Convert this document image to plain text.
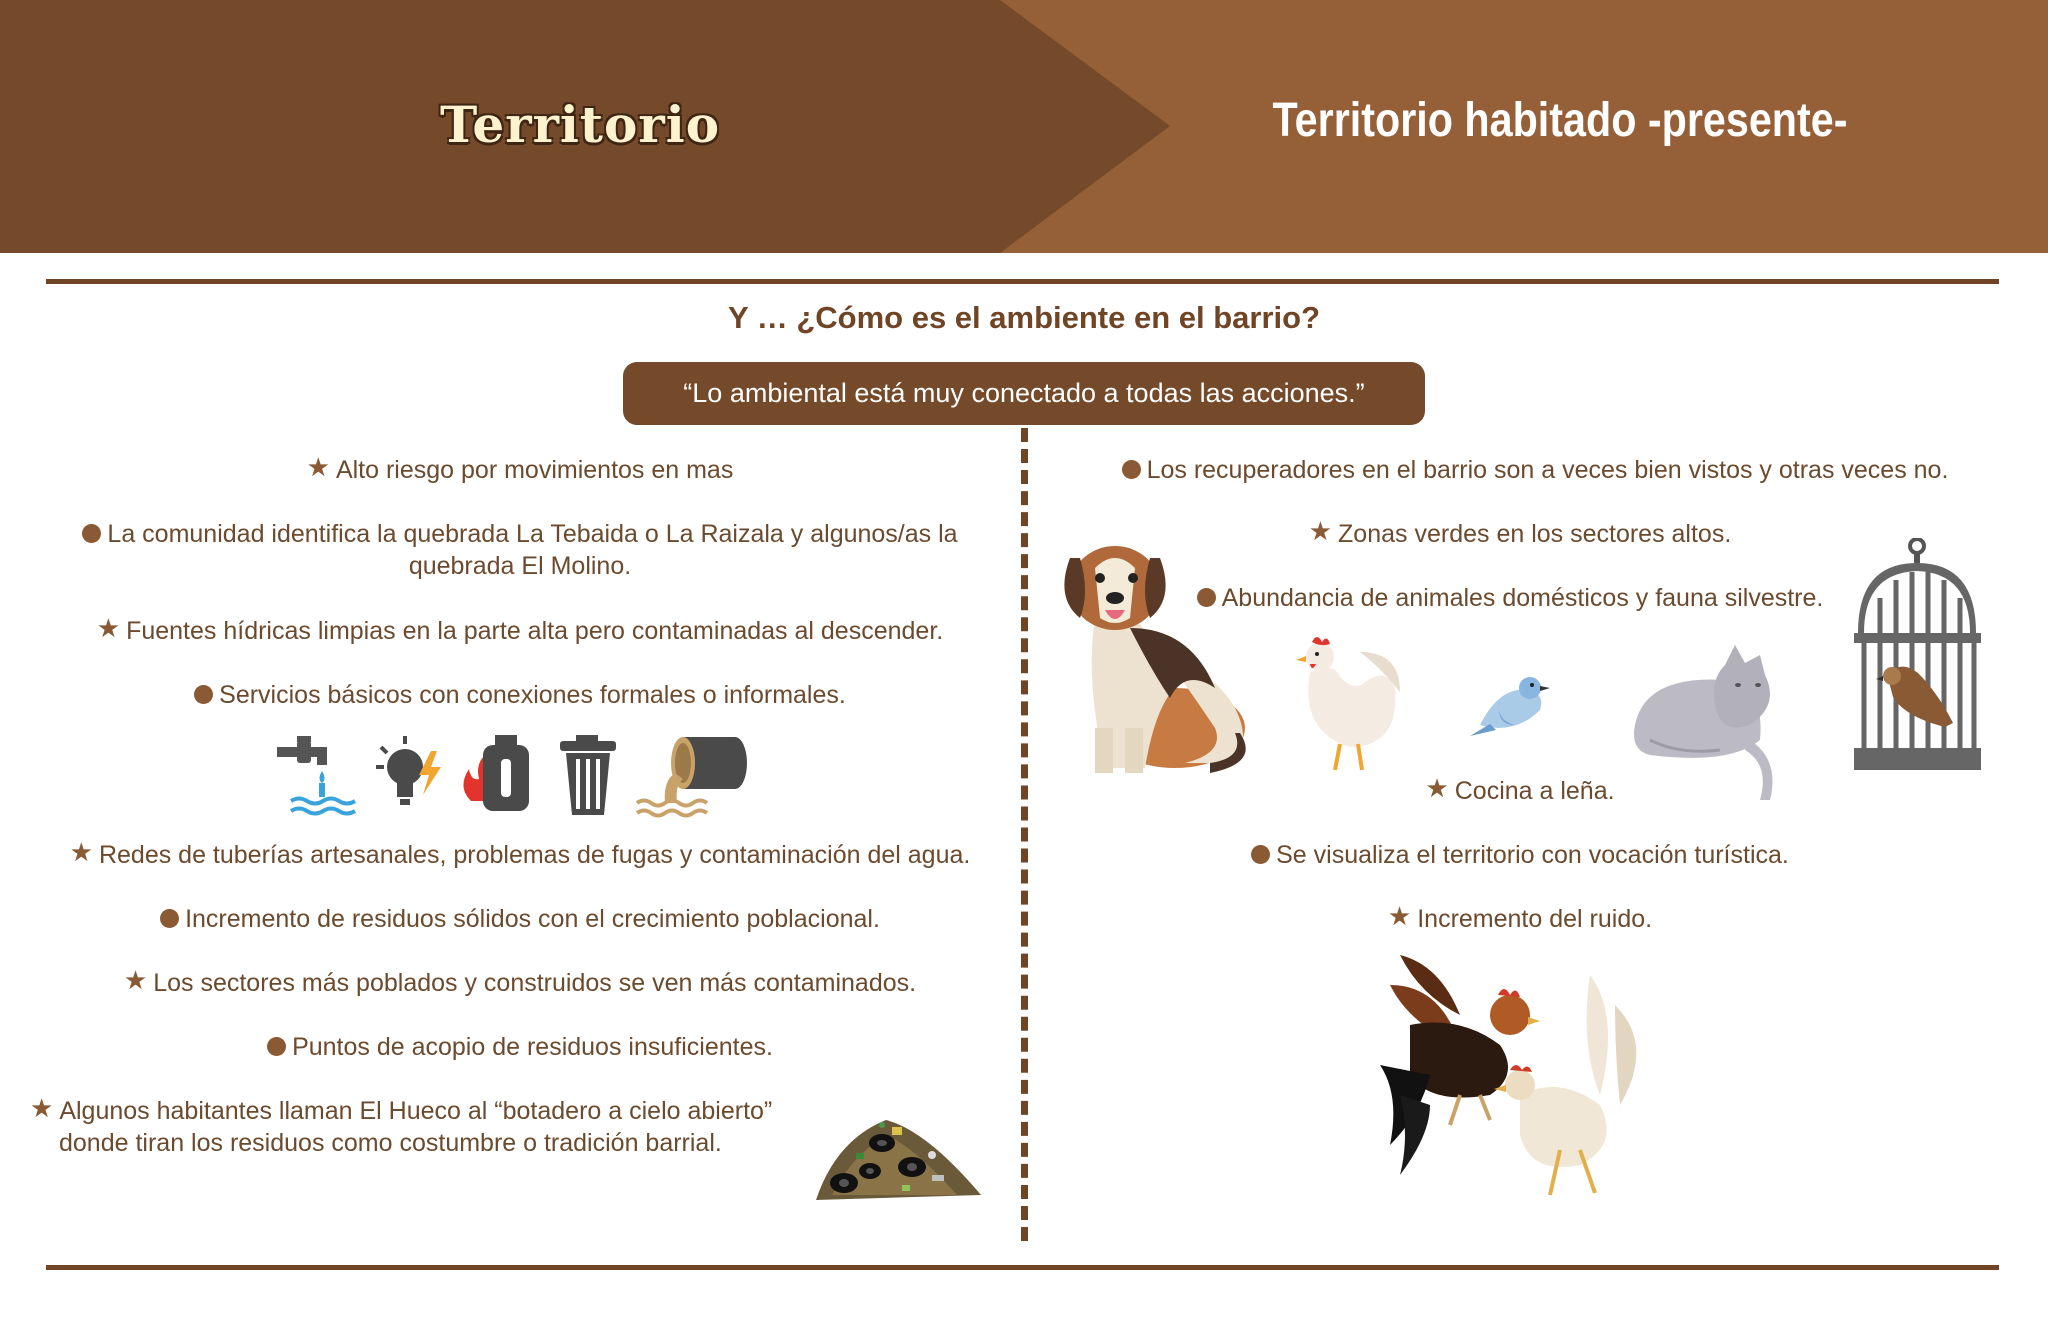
Territorio	Territorio habitado -presente-
Y … ¿Cómo es el ambiente en el barrio?
“Lo ambiental está muy conectado a todas las acciones.”
★ Alto riesgo por movimientos en mas
La comunidad identifica la quebrada La Tebaida o La Raizala y algunos/as la
quebrada El Molino.
★ Fuentes hídricas limpias en la parte alta pero contaminadas al descender.
Servicios básicos con conexiones formales o informales.
★ Redes de tuberías artesanales, problemas de fugas y contaminación del agua.
Incremento de residuos sólidos con el crecimiento poblacional.
★ Los sectores más poblados y construidos se ven más contaminados.
Puntos de acopio de residuos insuficientes.
★ Algunos habitantes llaman El Hueco al “botadero a cielo abierto”
donde tiran los residuos como costumbre o tradición barrial.
Los recuperadores en el barrio son a veces bien vistos y otras veces no.
★ Zonas verdes en los sectores altos.
Abundancia de animales domésticos y fauna silvestre.
★ Cocina a leña.
Se visualiza el territorio con vocación turística.
★ Incremento del ruido.
